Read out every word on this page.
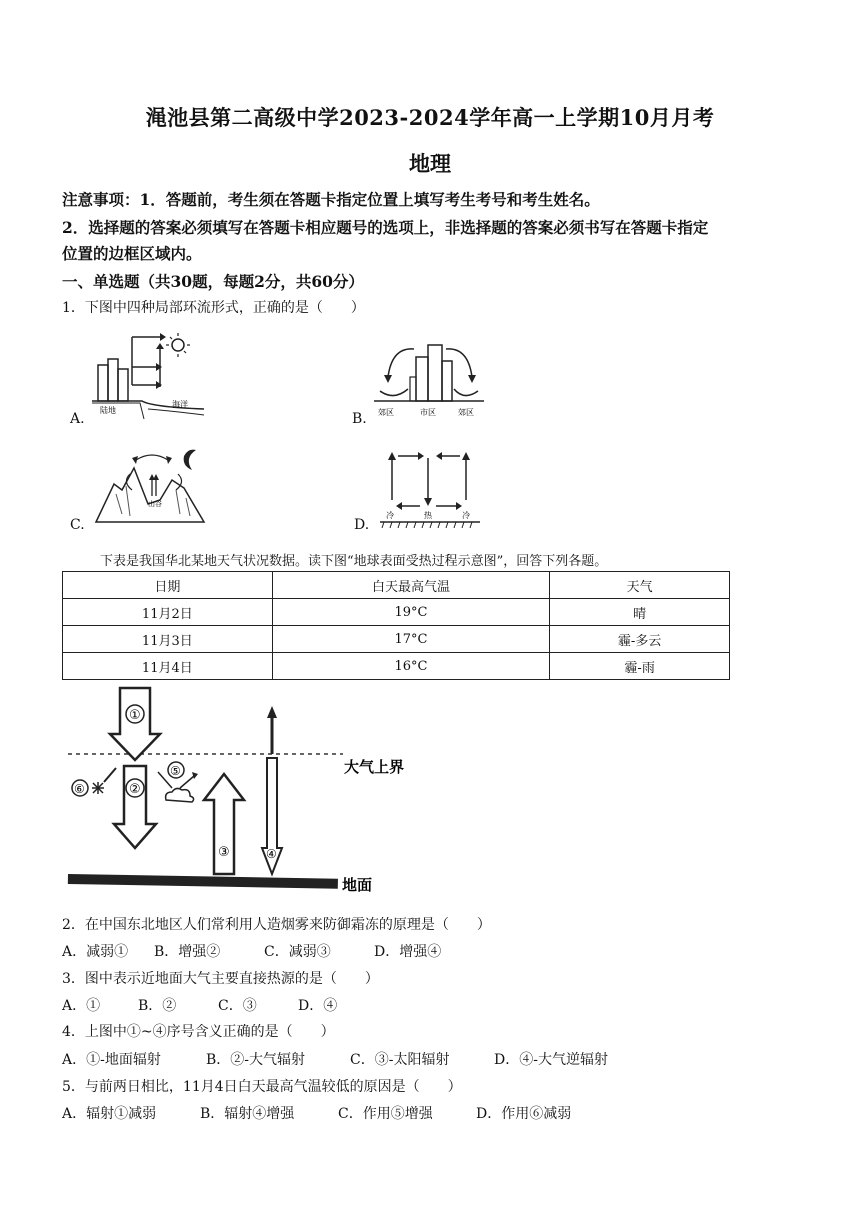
渑池县第二高级中学2023-2024学年高一上学期10月月考
地理
注意事项：1．答题前，考生须在答题卡指定位置上填写考生考号和考生姓名。
2．选择题的答案必须填写在答题卡相应题号的选项上，非选择题的答案必须书写在答题卡指定
位置的边框区域内。
一、单选题（共30题，每题2分，共60分）
1．下图中四种局部环流形式，正确的是（　　）
A.
陆地
海洋
B. 郊区	市区	郊区
C.
山谷
D.
冷	热	冷
下表是我国华北某地天气状况数据。读下图“地球表面受热过程示意图”，回答下列各题。
日期	白天最高气温	天气
11月2日	19°C	晴
11月3日	17°C	霾-多云
11月4日	16°C	霾-雨
大气上界
地面
①
②
③	④
⑤
⑥
2．在中国东北地区人们常利用人造烟雾来防御霜冻的原理是（　　）
A．减弱① B．增强②	C．减弱③	D．增强④
3．图中表示近地面大气主要直接热源的是（　　）
A．①	B．②	C．③	D．④
4．上图中①~④序号含义正确的是（　　）
A．①-地面辐射	B．②-大气辐射	C．③-太阳辐射	D．④-大气逆辐射
5．与前两日相比，11月4日白天最高气温较低的原因是（　　）
A．辐射①减弱	B．辐射④增强	C．作用⑤增强	D．作用⑥减弱
